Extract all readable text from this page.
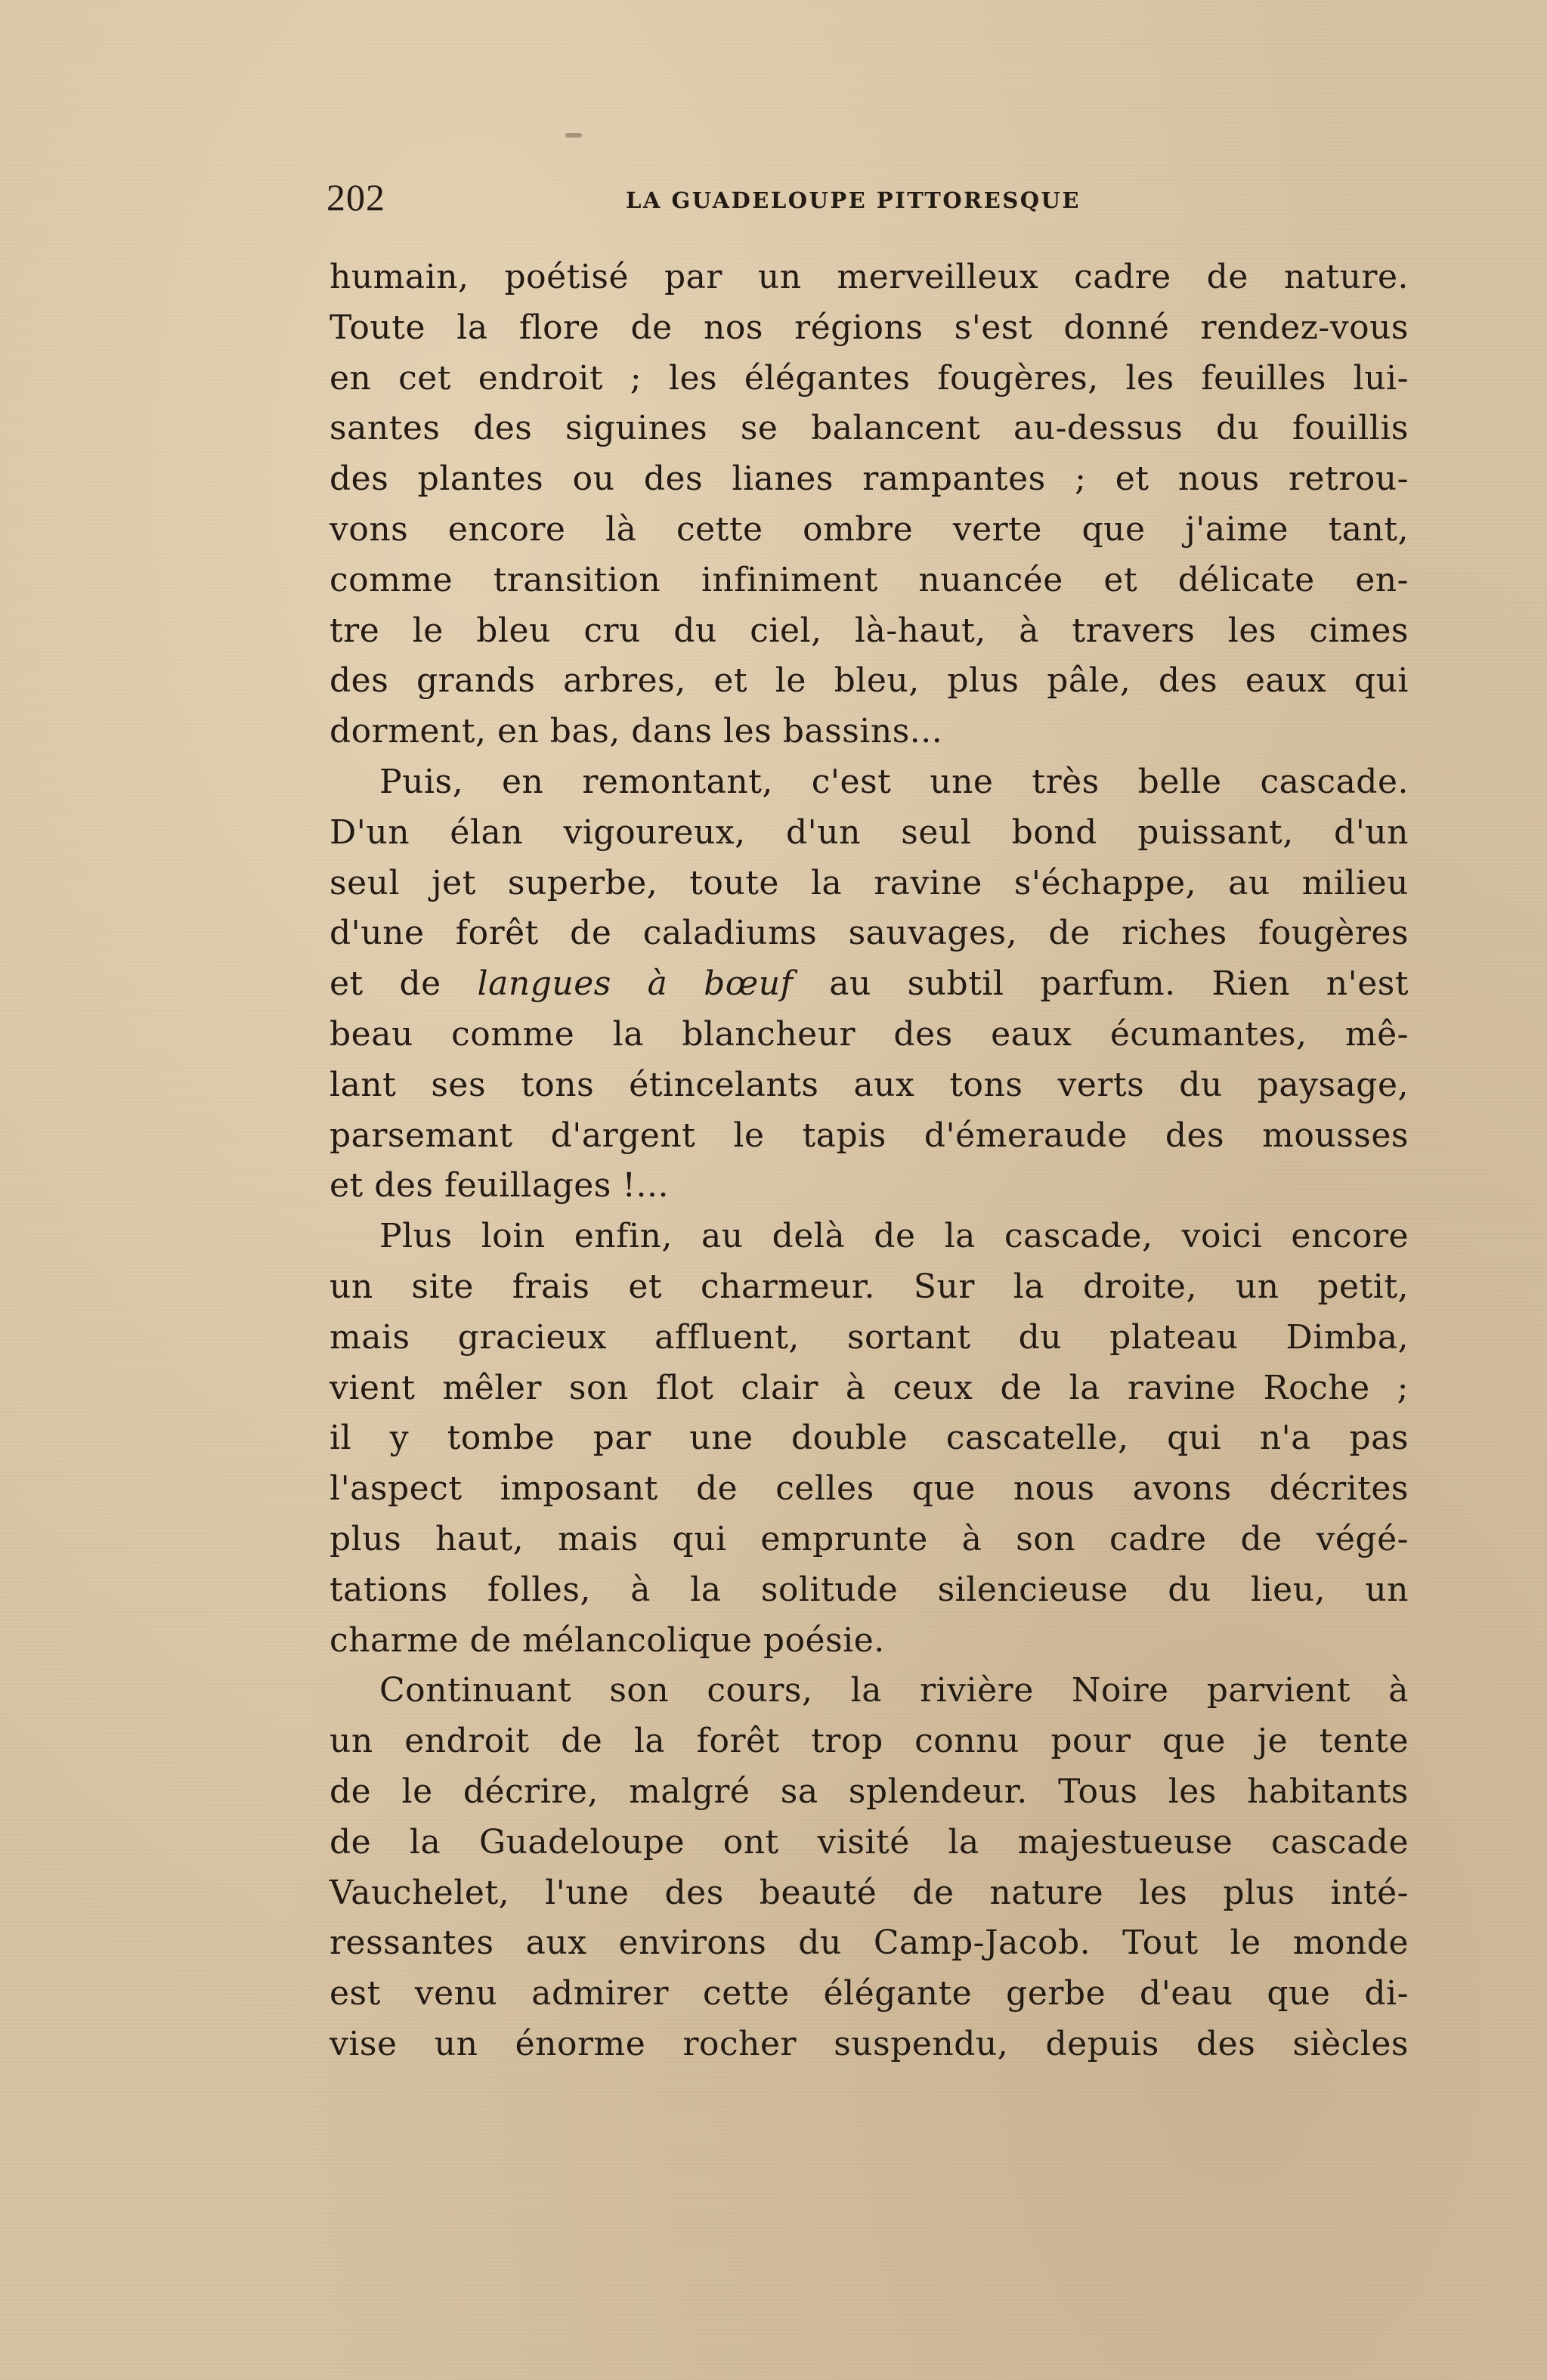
202	LA GUADELOUPE PITTORESQUE
humain, poétisé par un merveilleux cadre de nature.
Toute la flore de nos régions s'est donné rendez-vous
en cet endroit ; les élégantes fougères, les feuilles lui-
santes des siguines se balancent au-dessus du fouillis
des plantes ou des lianes rampantes ; et nous retrou-
vons encore là cette ombre verte que j'aime tant,
comme transition infiniment nuancée et délicate en-
tre le bleu cru du ciel, là-haut, à travers les cimes
des grands arbres, et le bleu, plus pâle, des eaux qui
dorment, en bas, dans les bassins...
Puis, en remontant, c'est une très belle cascade.
D'un élan vigoureux, d'un seul bond puissant, d'un
seul jet superbe, toute la ravine s'échappe, au milieu
d'une forêt de caladiums sauvages, de riches fougères
et de langues à bœuf au subtil parfum. Rien n'est
beau comme la blancheur des eaux écumantes, mê-
lant ses tons étincelants aux tons verts du paysage,
parsemant d'argent le tapis d'émeraude des mousses
et des feuillages !...
Plus loin enfin, au delà de la cascade, voici encore
un site frais et charmeur. Sur la droite, un petit,
mais gracieux affluent, sortant du plateau Dimba,
vient mêler son flot clair à ceux de la ravine Roche ;
il y tombe par une double cascatelle, qui n'a pas
l'aspect imposant de celles que nous avons décrites
plus haut, mais qui emprunte à son cadre de végé-
tations folles, à la solitude silencieuse du lieu, un
charme de mélancolique poésie.
Continuant son cours, la rivière Noire parvient à
un endroit de la forêt trop connu pour que je tente
de le décrire, malgré sa splendeur. Tous les habitants
de la Guadeloupe ont visité la majestueuse cascade
Vauchelet, l'une des beauté de nature les plus inté-
ressantes aux environs du Camp-Jacob. Tout le monde
est venu admirer cette élégante gerbe d'eau que di-
vise un énorme rocher suspendu, depuis des siècles
